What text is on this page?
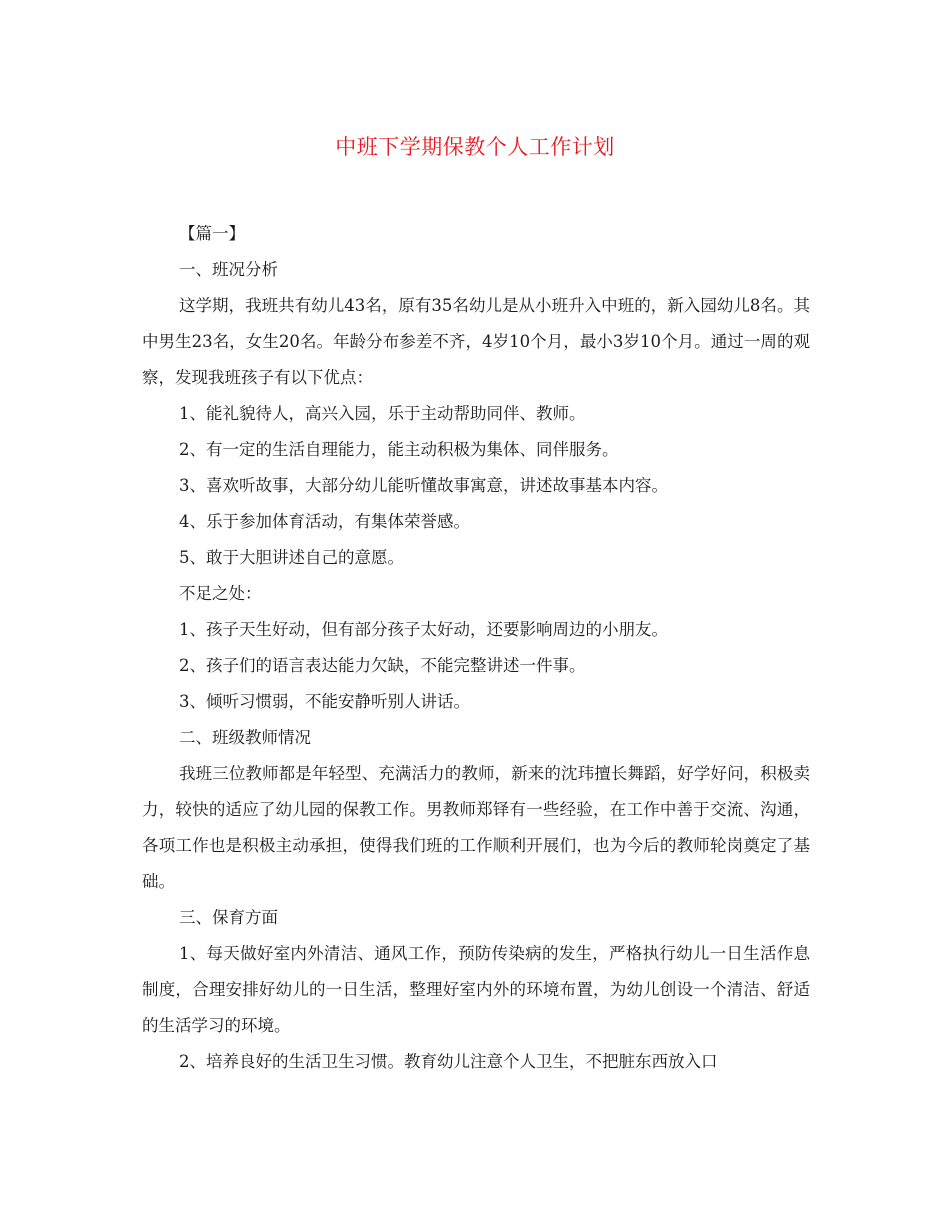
中班下学期保教个人工作计划

【篇一】

一、班况分析

这学期，我班共有幼儿43名，原有35名幼儿是从小班升入中班的，新入园幼儿8名。其中男生23名，女生20名。年龄分布参差不齐，4岁10个月，最小3岁10个月。通过一周的观察，发现我班孩子有以下优点：

1、能礼貌待人，高兴入园，乐于主动帮助同伴、教师。

2、有一定的生活自理能力，能主动积极为集体、同伴服务。

3、喜欢听故事，大部分幼儿能听懂故事寓意，讲述故事基本内容。

4、乐于参加体育活动，有集体荣誉感。

5、敢于大胆讲述自己的意愿。

不足之处：

1、孩子天生好动，但有部分孩子太好动，还要影响周边的小朋友。

2、孩子们的语言表达能力欠缺，不能完整讲述一件事。

3、倾听习惯弱，不能安静听别人讲话。

二、班级教师情况

我班三位教师都是年轻型、充满活力的教师，新来的沈玮擅长舞蹈，好学好问，积极卖力，较快的适应了幼儿园的保教工作。男教师郑铎有一些经验，在工作中善于交流、沟通，各项工作也是积极主动承担，使得我们班的工作顺利开展们，也为今后的教师轮岗奠定了基础。

三、保育方面

1、每天做好室内外清洁、通风工作，预防传染病的发生，严格执行幼儿一日生活作息制度，合理安排好幼儿的一日生活，整理好室内外的环境布置，为幼儿创设一个清洁、舒适的生活学习的环境。

2、培养良好的生活卫生习惯。教育幼儿注意个人卫生，不把脏东西放入口
